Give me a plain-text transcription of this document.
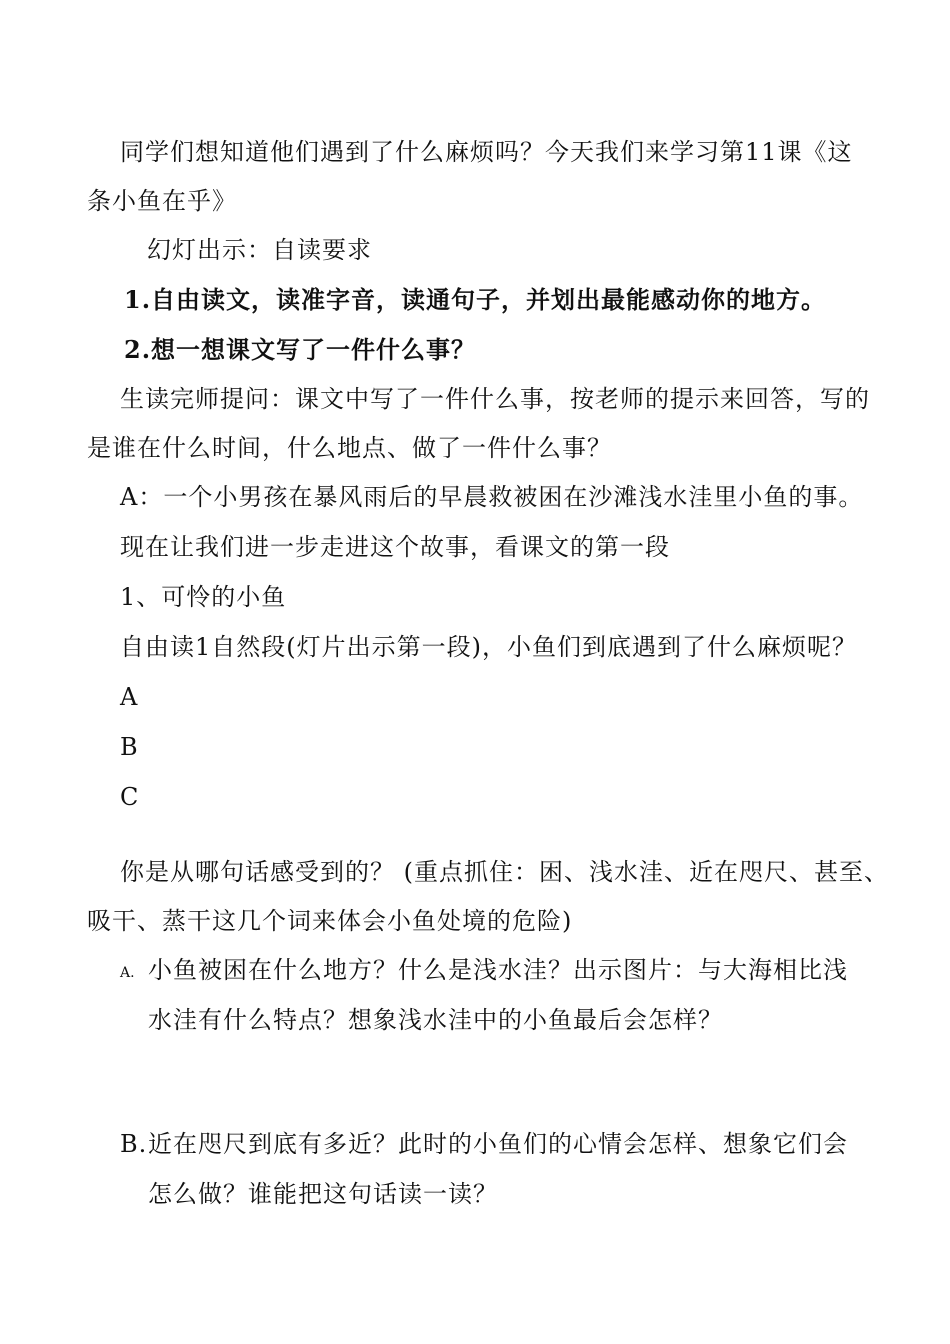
同学们想知道他们遇到了什么麻烦吗？今天我们来学习第11课《这
条小鱼在乎》
幻灯出示：自读要求
1.自由读文，读准字音，读通句子，并划出最能感动你的地方。
2.想一想课文写了一件什么事？
生读完师提问：课文中写了一件什么事，按老师的提示来回答，写的
是谁在什么时间，什么地点、做了一件什么事？
A：一个小男孩在暴风雨后的早晨救被困在沙滩浅水洼里小鱼的事。
现在让我们进一步走进这个故事，看课文的第一段
1、可怜的小鱼
自由读1自然段(灯片出示第一段)，小鱼们到底遇到了什么麻烦呢？
A
B
C
你是从哪句话感受到的？ (重点抓住：困、浅水洼、近在咫尺、甚至、
吸干、蒸干这几个词来体会小鱼处境的危险)
A. 小鱼被困在什么地方？什么是浅水洼？出示图片：与大海相比浅
水洼有什么特点？想象浅水洼中的小鱼最后会怎样？
B. 近在咫尺到底有多近？此时的小鱼们的心情会怎样、想象它们会
怎么做？谁能把这句话读一读？
